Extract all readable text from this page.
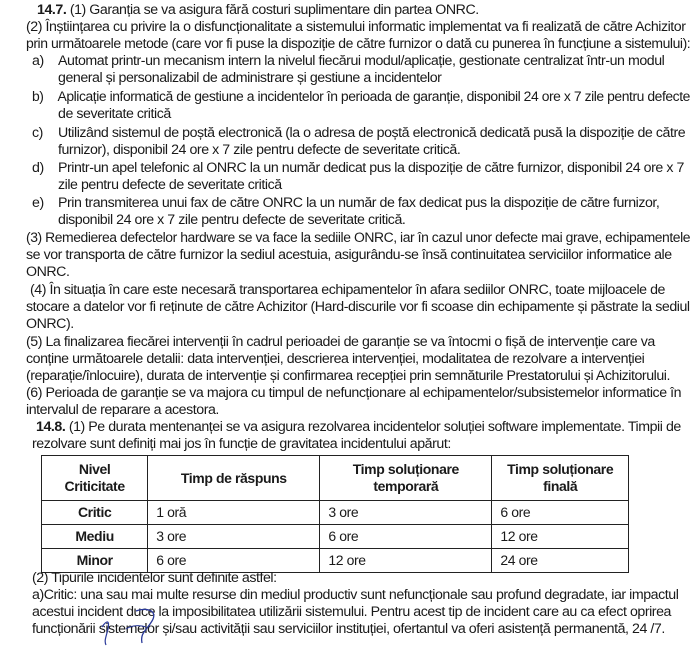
14.7. (1) Garanția se va asigura fără costuri suplimentare din partea ONRC.
(2) Înștiințarea cu privire la o disfuncționalitate a sistemului informatic implementat va fi realizată de către Achizitor
prin următoarele metode (care vor fi puse la dispoziție de către furnizor o dată cu punerea în funcțiune a sistemului):
a) Automat printr-un mecanism intern la nivelul fiecărui modul/aplicație, gestionate centralizat într-un modul
general și personalizabil de administrare și gestiune a incidentelor
b) Aplicație informatică de gestiune a incidentelor în perioada de garanție, disponibil 24 ore x 7 zile pentru defecte
de severitate critică
c) Utilizând sistemul de poștă electronică (la o adresa de poștă electronică dedicată pusă la dispoziție de către
furnizor), disponibil 24 ore x 7 zile pentru defecte de severitate critică.
d) Printr-un apel telefonic al ONRC la un număr dedicat pus la dispoziție de către furnizor, disponibil 24 ore x 7
zile pentru defecte de severitate critică
e) Prin transmiterea unui fax de către ONRC la un număr de fax dedicat pus la dispoziție de către furnizor,
disponibil 24 ore x 7 zile pentru defecte de severitate critică.
(3) Remedierea defectelor hardware se va face la sediile ONRC, iar în cazul unor defecte mai grave, echipamentele
se vor transporta de către furnizor la sediul acestuia, asigurându-se însă continuitatea serviciilor informatice ale
ONRC.
(4) În situația în care este necesară transportarea echipamentelor în afara sediilor ONRC, toate mijloacele de
stocare a datelor vor fi reținute de către Achizitor (Hard-discurile vor fi scoase din echipamente și păstrate la sediul
ONRC).
(5) La finalizarea fiecărei intervenții în cadrul perioadei de garanție se va întocmi o fișă de intervenție care va
conține următoarele detalii: data intervenției, descrierea intervenției, modalitatea de rezolvare a intervenției
(reparație/înlocuire), durata de intervenție și confirmarea recepției prin semnăturile Prestatorului și Achizitorului.
(6) Perioada de garanție se va majora cu timpul de nefuncționare al echipamentelor/subsistemelor informatice în
intervalul de reparare a acestora.
14.8. (1) Pe durata mentenanței se va asigura rezolvarea incidentelor soluției software implementate. Timpii de
rezolvare sunt definiți mai jos în funcție de gravitatea incidentului apărut:
Nivel Criticitate	Timp de răspuns	Timp soluționare temporară	Timp soluționare finală
Critic	1 oră	3 ore	6 ore
Mediu	3 ore	6 ore	12 ore
Minor	6 ore	12 ore	24 ore
(2) Tipurile incidentelor sunt definite astfel:
a)Critic: una sau mai multe resurse din mediul productiv sunt nefuncționale sau profund degradate, iar impactul
acestui incident duce la imposibilitatea utilizării sistemului. Pentru acest tip de incident care au ca efect oprirea
funcționării sistemelor și/sau activității sau serviciilor instituției, ofertantul va oferi asistență permanentă, 24 /7.
